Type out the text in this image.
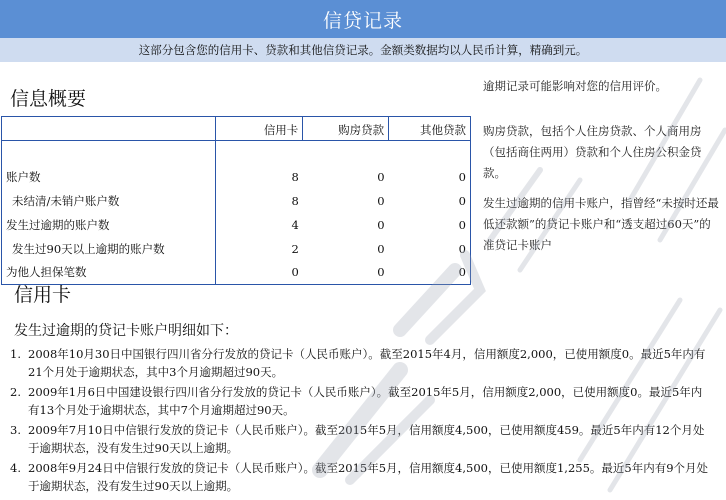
信贷记录
这部分包含您的信用卡、贷款和其他信贷记录。金额类数据均以人民币计算，精确到元。
信息概要
逾期记录可能影响对您的信用评价。
购房贷款，包括个人住房贷款、个人商用房（包括商住两用）贷款和个人住房公积金贷款。
发生过逾期的信用卡账户，指曾经“未按时还最低还款额”的贷记卡账户和“透支超过60天”的准贷记卡账户
	信用卡	购房贷款	其他贷款

账户数	8	0	0
未结清/未销户账户数	8	0	0
发生过逾期的账户数	4	0	0
发生过90天以上逾期的账户数	2	0	0
为他人担保笔数	0	0	0
信用卡
发生过逾期的贷记卡账户明细如下：
1. 2008年10月30日中国银行四川省分行发放的贷记卡（人民币账户）。截至2015年4月，信用额度2,000，已使用额度0。最近5年内有21个月处于逾期状态，其中3个月逾期超过90天。
2. 2009年1月6日中国建设银行四川省分行发放的贷记卡（人民币账户）。截至2015年5月，信用额度2,000，已使用额度0。最近5年内有13个月处于逾期状态，其中7个月逾期超过90天。
3. 2009年7月10日中信银行发放的贷记卡（人民币账户）。截至2015年5月，信用额度4,500，已使用额度459。最近5年内有12个月处于逾期状态，没有发生过90天以上逾期。
4. 2008年9月24日中信银行发放的贷记卡（人民币账户）。截至2015年5月，信用额度4,500，已使用额度1,255。最近5年内有9个月处于逾期状态，没有发生过90天以上逾期。
